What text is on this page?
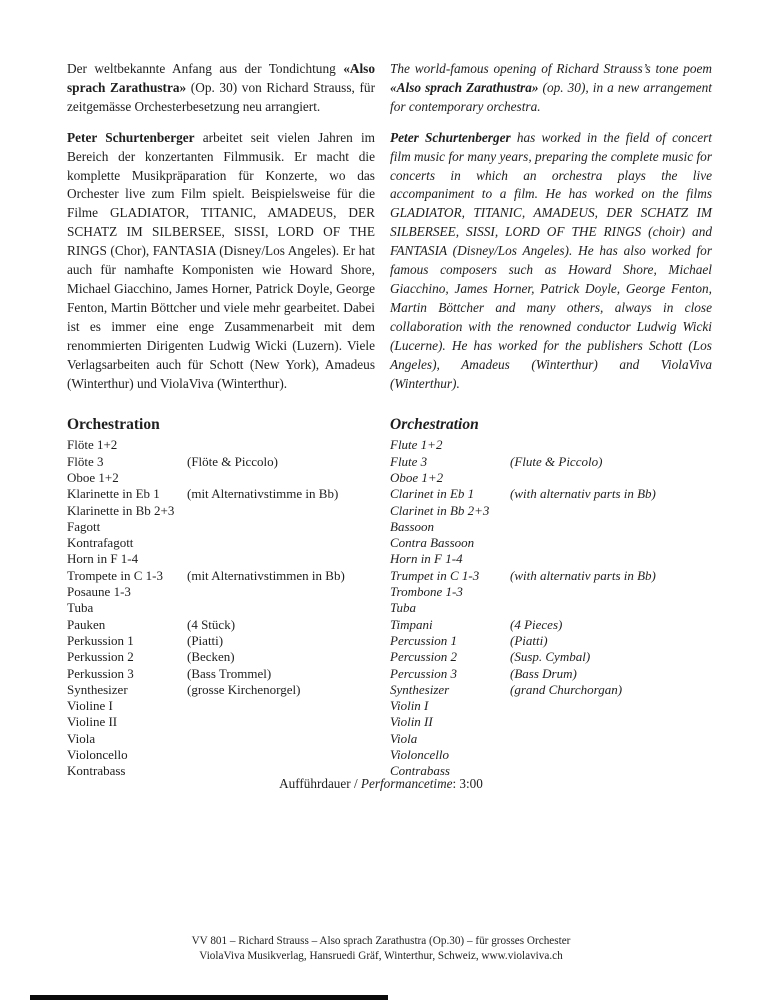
Der weltbekannte Anfang aus der Tondichtung «Also sprach Zarathustra» (Op. 30) von Richard Strauss, für zeitgemässe Orchesterbesetzung neu arrangiert.

Peter Schurtenberger arbeitet seit vielen Jahren im Bereich der konzertanten Filmmusik. Er macht die komplette Musikpräparation für Konzerte, wo das Orchester live zum Film spielt. Beispielsweise für die Filme GLADIATOR, TITANIC, AMADEUS, DER SCHATZ IM SILBERSEE, SISSI, LORD OF THE RINGS (Chor), FANTASIA (Disney/Los Angeles). Er hat auch für namhafte Komponisten wie Howard Shore, Michael Giacchino, James Horner, Patrick Doyle, George Fenton, Martin Böttcher und viele mehr gearbeitet. Dabei ist es immer eine enge Zusammenarbeit mit dem renommierten Dirigenten Ludwig Wicki (Luzern). Viele Verlagsarbeiten auch für Schott (New York), Amadeus (Winterthur) und ViolaViva (Winterthur).

The world-famous opening of Richard Strauss’s tone poem «Also sprach Zarathustra» (op. 30), in a new arrangement for contemporary orchestra.

Peter Schurtenberger has worked in the field of concert film music for many years, preparing the complete music for concerts in which an orchestra plays the live accompaniment to a film. He has worked on the films GLADIATOR, TITANIC, AMADEUS, DER SCHATZ IM SILBERSEE, SISSI, LORD OF THE RINGS (choir) and FANTASIA (Disney/Los Angeles). He has also worked for famous composers such as Howard Shore, Michael Giacchino, James Horner, Patrick Doyle, George Fenton, Martin Böttcher and many others, always in close collaboration with the renowned conductor Ludwig Wicki (Lucerne). He has worked for the publishers Schott (Los Angeles), Amadeus (Winterthur) and ViolaViva (Winterthur).

Orchestration
Flöte 1+2
Flöte 3	(Flöte & Piccolo)
Oboe 1+2
Klarinette in Eb 1	(mit Alternativstimme in Bb)
Klarinette in Bb 2+3
Fagott
Kontrafagott
Horn in F 1-4
Trompete in C 1-3	(mit Alternativstimmen in Bb)
Posaune 1-3
Tuba
Pauken	(4 Stück)
Perkussion 1	(Piatti)
Perkussion 2	(Becken)
Perkussion 3	(Bass Trommel)
Synthesizer	(grosse Kirchenorgel)
Violine I
Violine II
Viola
Violoncello
Kontrabass
Orchestration
Flute 1+2
Flute 3	(Flute & Piccolo)
Oboe 1+2
Clarinet in Eb 1	(with alternativ parts in Bb)
Clarinet in Bb 2+3
Bassoon
Contra Bassoon
Horn in F 1-4
Trumpet in C 1-3	(with alternativ parts in Bb)
Trombone 1-3
Tuba
Timpani	(4 Pieces)
Percussion 1	(Piatti)
Percussion 2	(Susp. Cymbal)
Percussion 3	(Bass Drum)
Synthesizer	(grand Churchorgan)
Violin I
Violin II
Viola
Violoncello
Contrabass

Aufführdauer / Performancetime: 3:00

VV 801 – Richard Strauss – Also sprach Zarathustra (Op.30) – für grosses Orchester
ViolaViva Musikverlag, Hansruedi Gräf, Winterthur, Schweiz, www.violaviva.ch
